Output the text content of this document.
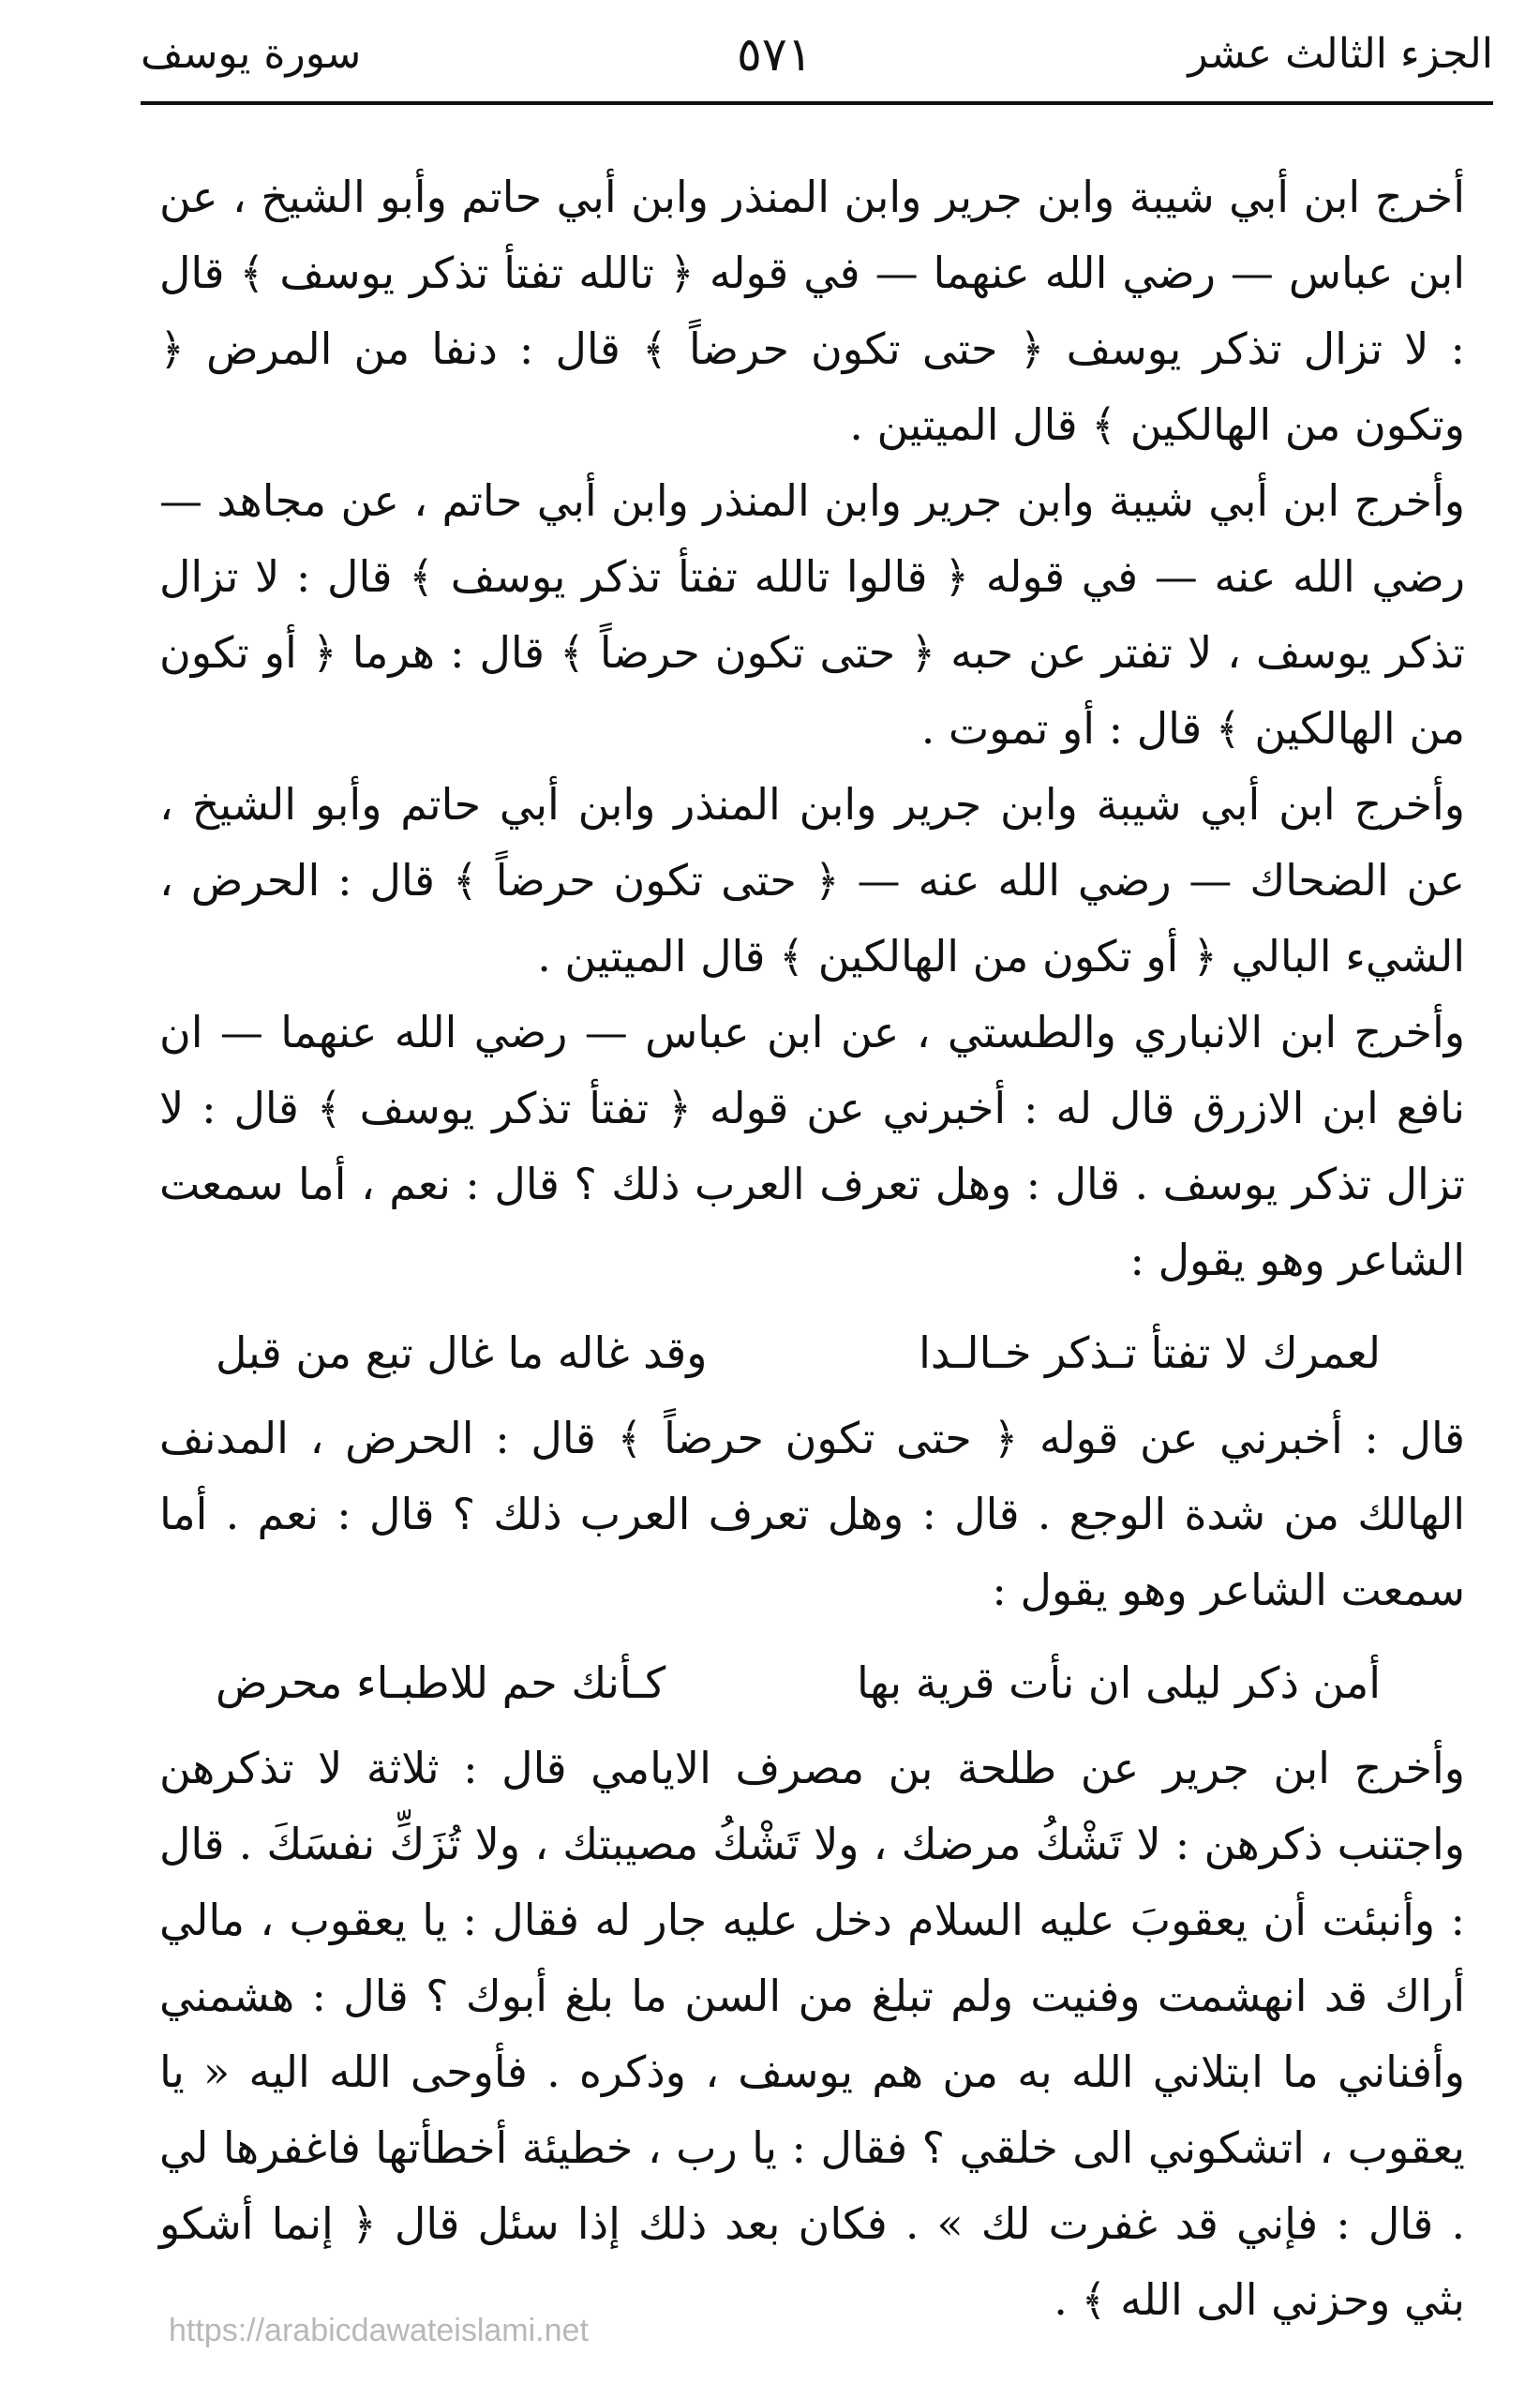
الجزء الثالث عشر
٥٧١
سورة يوسف

أخرج ابن أبي شيبة وابن جرير وابن المنذر وابن أبي حاتم وأبو الشيخ ، عن ابن عباس — رضي الله عنهما — في قوله ﴿ تالله تفتأ تذكر يوسف ﴾ قال : لا تزال تذكر يوسف ﴿ حتى تكون حرضاً ﴾ قال : دنفا من المرض ﴿ وتكون من الهالكين ﴾ قال الميتين .

وأخرج ابن أبي شيبة وابن جرير وابن المنذر وابن أبي حاتم ، عن مجاهد — رضي الله عنه — في قوله ﴿ قالوا تالله تفتأ تذكر يوسف ﴾ قال : لا تزال تذكر يوسف ، لا تفتر عن حبه ﴿ حتى تكون حرضاً ﴾ قال : هرما ﴿ أو تكون من الهالكين ﴾ قال : أو تموت .

وأخرج ابن أبي شيبة وابن جرير وابن المنذر وابن أبي حاتم وأبو الشيخ ، عن الضحاك — رضي الله عنه — ﴿ حتى تكون حرضاً ﴾ قال : الحرض ، الشيء البالي ﴿ أو تكون من الهالكين ﴾ قال الميتين .

وأخرج ابن الانباري والطستي ، عن ابن عباس — رضي الله عنهما — ان نافع ابن الازرق قال له : أخبرني عن قوله ﴿ تفتأ تذكر يوسف ﴾ قال : لا تزال تذكر يوسف . قال : وهل تعرف العرب ذلك ؟ قال : نعم ، أما سمعت الشاعر وهو يقول :

لعمرك لا تفتأ تـذكر خـالـدا
وقد غاله ما غال تبع من قبل

قال : أخبرني عن قوله ﴿ حتى تكون حرضاً ﴾ قال : الحرض ، المدنف الهالك من شدة الوجع . قال : وهل تعرف العرب ذلك ؟ قال : نعم . أما سمعت الشاعر وهو يقول :

أمن ذكر ليلى ان نأت قرية بها
كـأنك حم للاطبـاء محرض

وأخرج ابن جرير عن طلحة بن مصرف الايامي قال : ثلاثة لا تذكرهن واجتنب ذكرهن : لا تَشْكُ مرضك ، ولا تَشْكُ مصيبتك ، ولا تُزَكِّ نفسَكَ . قال : وأنبئت أن يعقوبَ عليه السلام دخل عليه جار له فقال : يا يعقوب ، مالي أراك قد انهشمت وفنيت ولم تبلغ من السن ما بلغ أبوك ؟ قال : هشمني وأفناني ما ابتلاني الله به من هم يوسف ، وذكره . فأوحى الله اليه « يا يعقوب ، اتشكوني الى خلقي ؟ فقال : يا رب ، خطيئة أخطأتها فاغفرها لي . قال : فإني قد غفرت لك » . فكان بعد ذلك إذا سئل قال ﴿ إنما أشكو بثي وحزني الى الله ﴾ .

https://arabicdawateislami.net
